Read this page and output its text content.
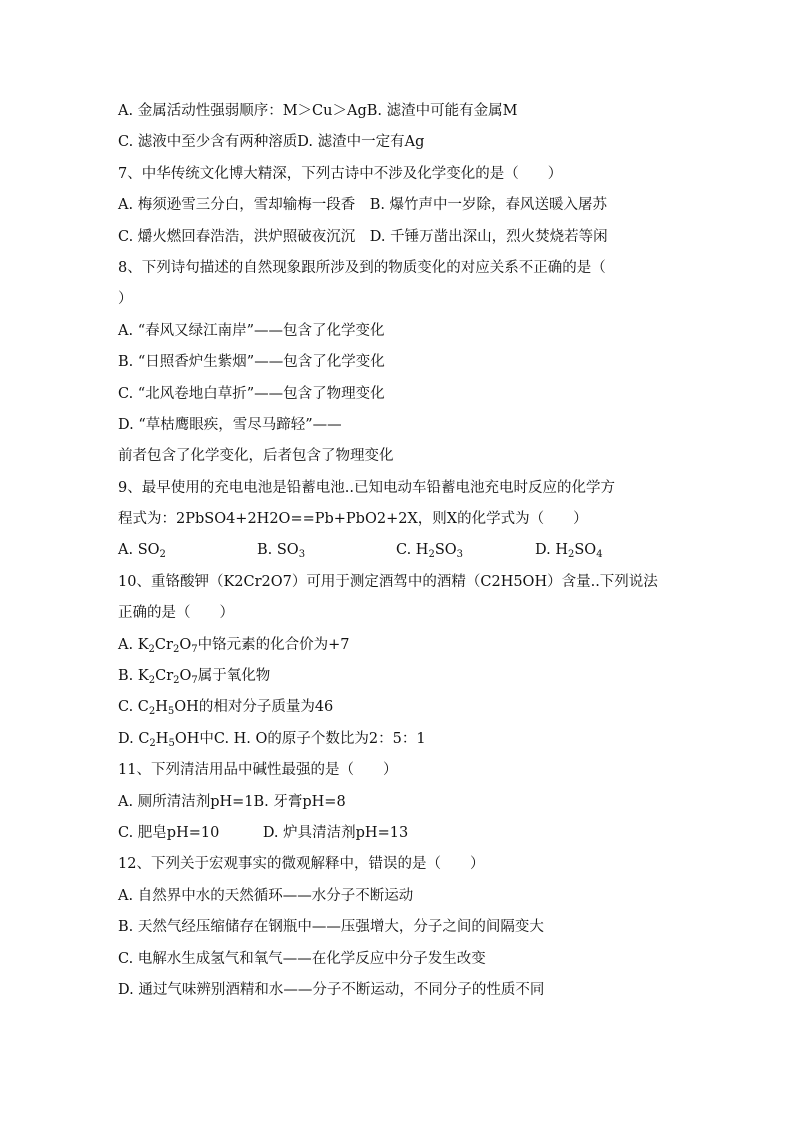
A. 金属活动性强弱顺序：M＞Cu＞AgB. 滤渣中可能有金属M
C. 滤液中至少含有两种溶质D. 滤渣中一定有Ag
7、中华传统文化博大精深，下列古诗中不涉及化学变化的是（　　）
A. 梅须逊雪三分白，雪却输梅一段香　B. 爆竹声中一岁除，春风送暖入屠苏
C. 爝火燃回春浩浩，洪炉照破夜沉沉　D. 千锤万凿出深山，烈火焚烧若等闲
8、下列诗句描述的自然现象跟所涉及到的物质变化的对应关系不正确的是（
）
A. “春风又绿江南岸”——包含了化学变化
B. “日照香炉生紫烟”——包含了化学变化
C. “北风卷地白草折”——包含了物理变化
D. “草枯鹰眼疾，雪尽马蹄轻”——
前者包含了化学变化，后者包含了物理变化
9、最早使用的充电电池是铅蓄电池..已知电动车铅蓄电池充电时反应的化学方
程式为：2PbSO4+2H2O==Pb+PbO2+2X，则X的化学式为（　　）
A. $SO_2$	B. $SO_3$	C. $H_2SO_3$	D. $H_2SO_4$
10、重铬酸钾（K2Cr2O7）可用于测定酒驾中的酒精（C2H5OH）含量..下列说法
正确的是（　　）
A. $K_2Cr_2O_7$中铬元素的化合价为+7
B. $K_2Cr_2O_7$属于氧化物
C. $C_2H_5OH$的相对分子质量为46
D. $C_2H_5OH$中C. H. O的原子个数比为2：5：1
11、下列清洁用品中碱性最强的是（　　）
A. 厕所清洁剂pH=1B. 牙膏pH=8
C. 肥皂pH=10　　　D. 炉具清洁剂pH=13
12、下列关于宏观事实的微观解释中，错误的是（　　）
A. 自然界中水的天然循环——水分子不断运动
B. 天然气经压缩储存在钢瓶中——压强增大，分子之间的间隔变大
C. 电解水生成氢气和氧气——在化学反应中分子发生改变
D. 通过气味辨别酒精和水——分子不断运动，不同分子的性质不同
